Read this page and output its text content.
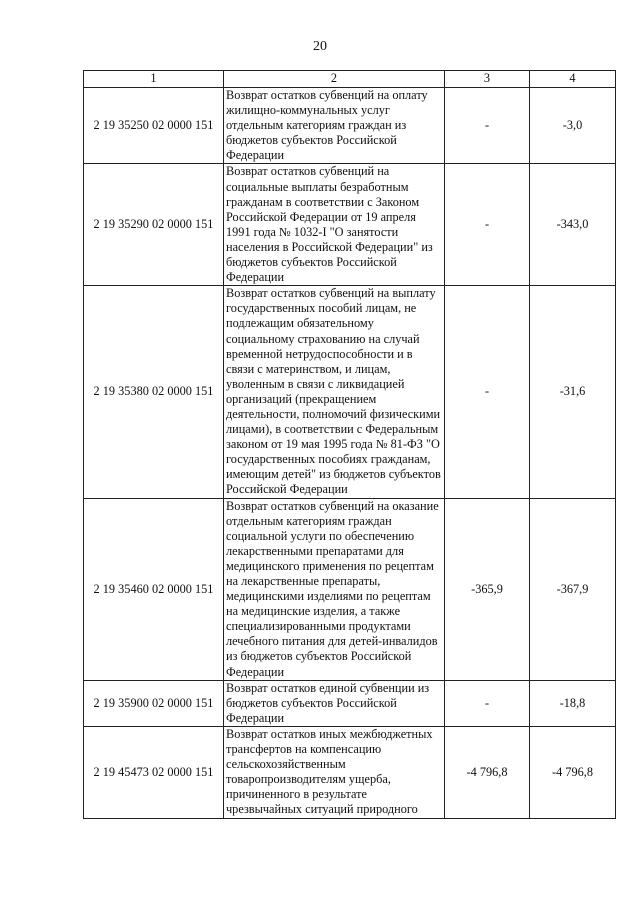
20
1	2	3	4
2 19 35250 02 0000 151	Возврат остатков субвенций на оплату жилищно-коммунальных услуг отдельным категориям граждан из бюджетов субъектов Российской Федерации	-	-3,0
2 19 35290 02 0000 151	Возврат остатков субвенций на социальные выплаты безработным гражданам в соответствии с Законом Российской Федерации от 19 апреля 1991 года № 1032-I "О занятости населения в Российской Федерации" из бюджетов субъектов Российской Федерации	-	-343,0
2 19 35380 02 0000 151	Возврат остатков субвенций на выплату государственных пособий лицам, не подлежащим обязательному социальному страхованию на случай временной нетрудоспособности и в связи с материнством, и лицам, уволенным в связи с ликвидацией организаций (прекращением деятельности, полномочий физическими лицами), в соответствии с Федеральным законом от 19 мая 1995 года № 81-ФЗ "О государственных пособиях гражданам, имеющим детей" из бюджетов субъектов Российской Федерации	-	-31,6
2 19 35460 02 0000 151	Возврат остатков субвенций на оказание отдельным категориям граждан социальной услуги по обеспечению лекарственными препаратами для медицинского применения по рецептам на лекарственные препараты, медицинскими изделиями по рецептам на медицинские изделия, а также специализированными продуктами лечебного питания для детей-инвалидов из бюджетов субъектов Российской Федерации	-365,9	-367,9
2 19 35900 02 0000 151	Возврат остатков единой субвенции из бюджетов субъектов Российской Федерации	-	-18,8
2 19 45473 02 0000 151	Возврат остатков иных межбюджетных трансфертов на компенсацию сельскохозяйственным товаропроизводителям ущерба, причиненного в результате чрезвычайных ситуаций природного	-4 796,8	-4 796,8
